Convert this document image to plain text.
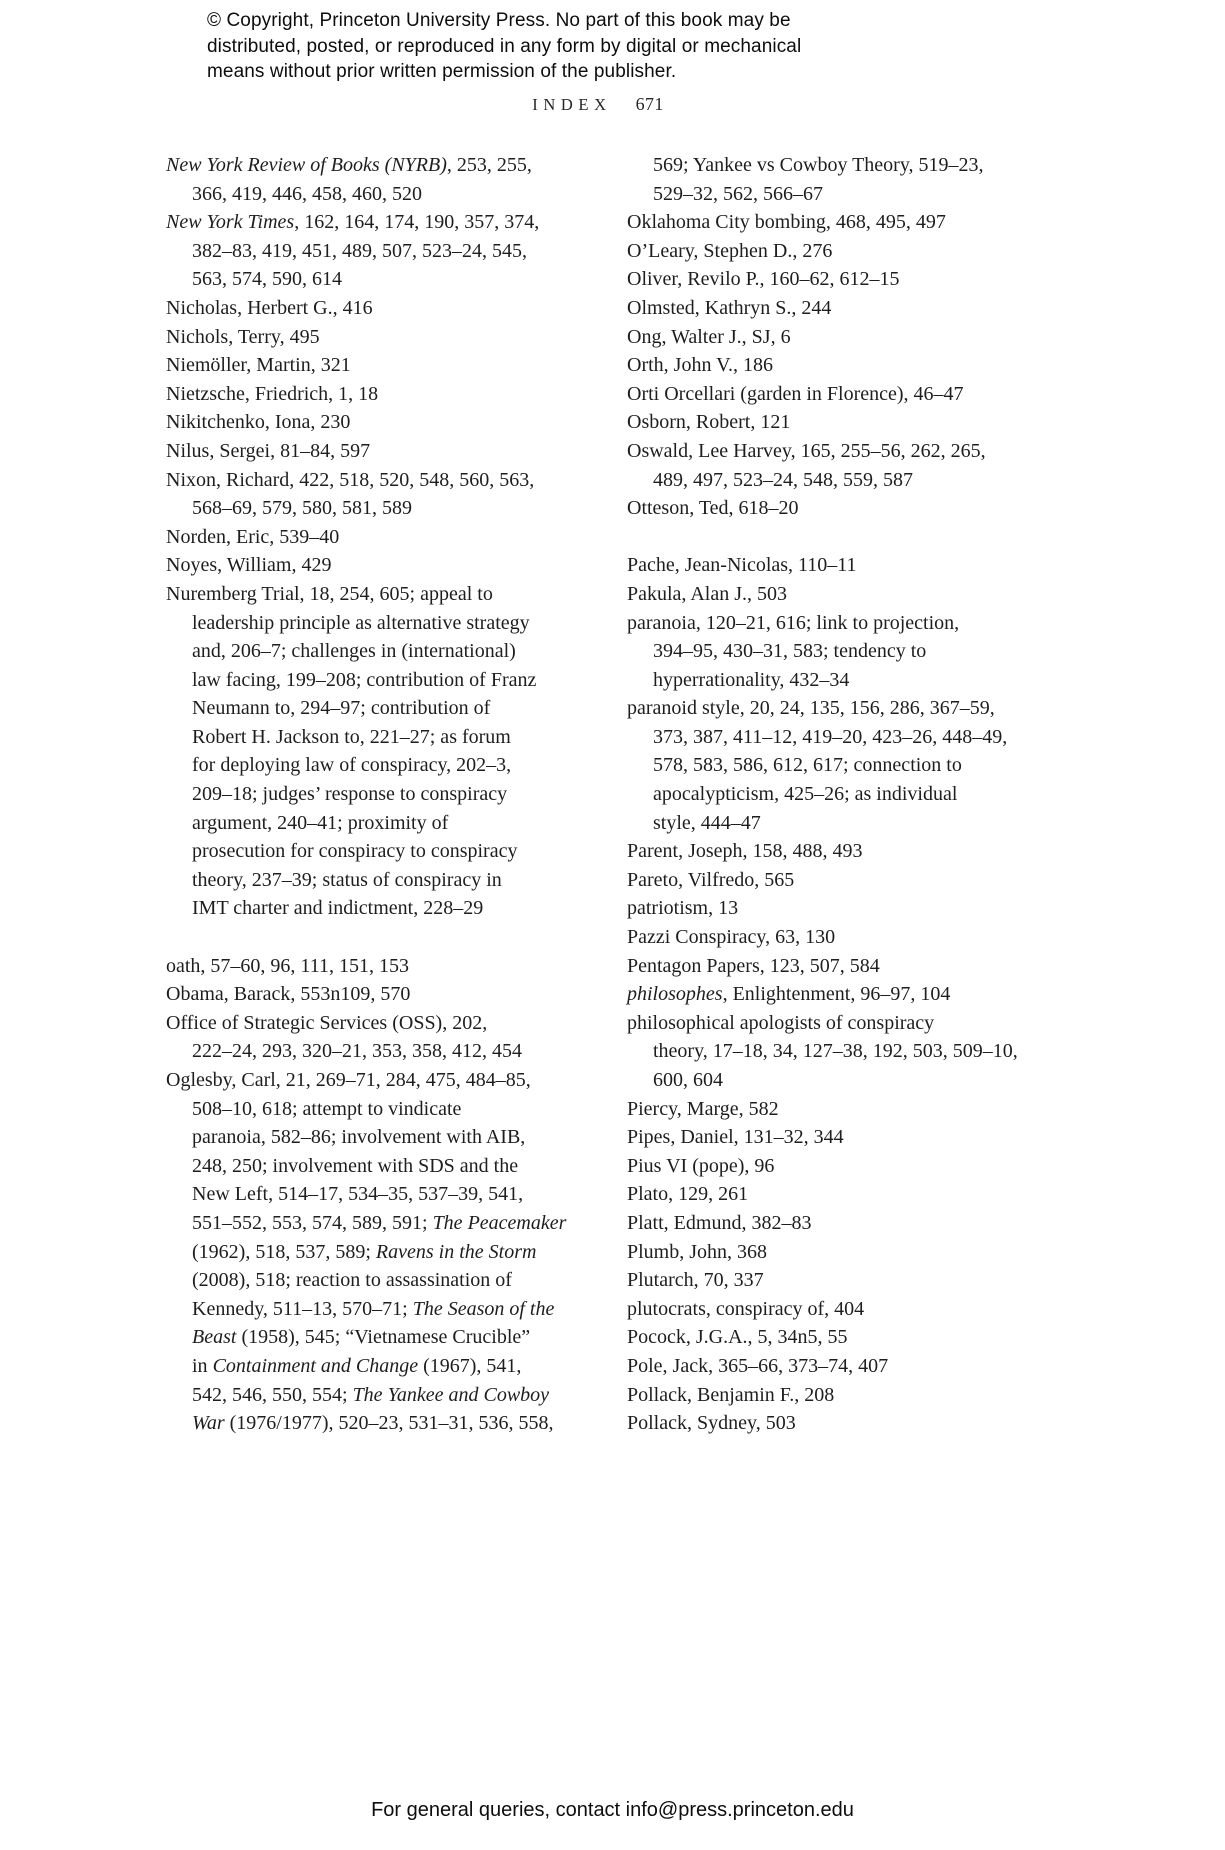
© Copyright, Princeton University Press. No part of this book may be
distributed, posted, or reproduced in any form by digital or mechanical
means without prior written permission of the publisher.
INDEX 671
New York Review of Books (NYRB), 253, 255,
366, 419, 446, 458, 460, 520
New York Times, 162, 164, 174, 190, 357, 374,
382–83, 419, 451, 489, 507, 523–24, 545,
563, 574, 590, 614
Nicholas, Herbert G., 416
Nichols, Terry, 495
Niemöller, Martin, 321
Nietzsche, Friedrich, 1, 18
Nikitchenko, Iona, 230
Nilus, Sergei, 81–84, 597
Nixon, Richard, 422, 518, 520, 548, 560, 563,
568–69, 579, 580, 581, 589
Norden, Eric, 539–40
Noyes, William, 429
Nuremberg Trial, 18, 254, 605; appeal to
leadership principle as alternative strategy
and, 206–7; challenges in (international)
law facing, 199–208; contribution of Franz
Neumann to, 294–97; contribution of
Robert H. Jackson to, 221–27; as forum
for deploying law of conspiracy, 202–3,
209–18; judges’ response to conspiracy
argument, 240–41; proximity of
prosecution for conspiracy to conspiracy
theory, 237–39; status of conspiracy in
IMT charter and indictment, 228–29
oath, 57–60, 96, 111, 151, 153
Obama, Barack, 553n109, 570
Office of Strategic Services (OSS), 202,
222–24, 293, 320–21, 353, 358, 412, 454
Oglesby, Carl, 21, 269–71, 284, 475, 484–85,
508–10, 618; attempt to vindicate
paranoia, 582–86; involvement with AIB,
248, 250; involvement with SDS and the
New Left, 514–17, 534–35, 537–39, 541,
551–552, 553, 574, 589, 591; The Peacemaker
(1962), 518, 537, 589; Ravens in the Storm
(2008), 518; reaction to assassination of
Kennedy, 511–13, 570–71; The Season of the
Beast (1958), 545; “Vietnamese Crucible”
in Containment and Change (1967), 541,
542, 546, 550, 554; The Yankee and Cowboy
War (1976/1977), 520–23, 531–31, 536, 558,
569; Yankee vs Cowboy Theory, 519–23,
529–32, 562, 566–67
Oklahoma City bombing, 468, 495, 497
O’Leary, Stephen D., 276
Oliver, Revilo P., 160–62, 612–15
Olmsted, Kathryn S., 244
Ong, Walter J., SJ, 6
Orth, John V., 186
Orti Orcellari (garden in Florence), 46–47
Osborn, Robert, 121
Oswald, Lee Harvey, 165, 255–56, 262, 265,
489, 497, 523–24, 548, 559, 587
Otteson, Ted, 618–20
Pache, Jean-Nicolas, 110–11
Pakula, Alan J., 503
paranoia, 120–21, 616; link to projection,
394–95, 430–31, 583; tendency to
hyperrationality, 432–34
paranoid style, 20, 24, 135, 156, 286, 367–59,
373, 387, 411–12, 419–20, 423–26, 448–49,
578, 583, 586, 612, 617; connection to
apocalypticism, 425–26; as individual
style, 444–47
Parent, Joseph, 158, 488, 493
Pareto, Vilfredo, 565
patriotism, 13
Pazzi Conspiracy, 63, 130
Pentagon Papers, 123, 507, 584
philosophes, Enlightenment, 96–97, 104
philosophical apologists of conspiracy
theory, 17–18, 34, 127–38, 192, 503, 509–10,
600, 604
Piercy, Marge, 582
Pipes, Daniel, 131–32, 344
Pius VI (pope), 96
Plato, 129, 261
Platt, Edmund, 382–83
Plumb, John, 368
Plutarch, 70, 337
plutocrats, conspiracy of, 404
Pocock, J.G.A., 5, 34n5, 55
Pole, Jack, 365–66, 373–74, 407
Pollack, Benjamin F., 208
Pollack, Sydney, 503
For general queries, contact info@press.princeton.edu
